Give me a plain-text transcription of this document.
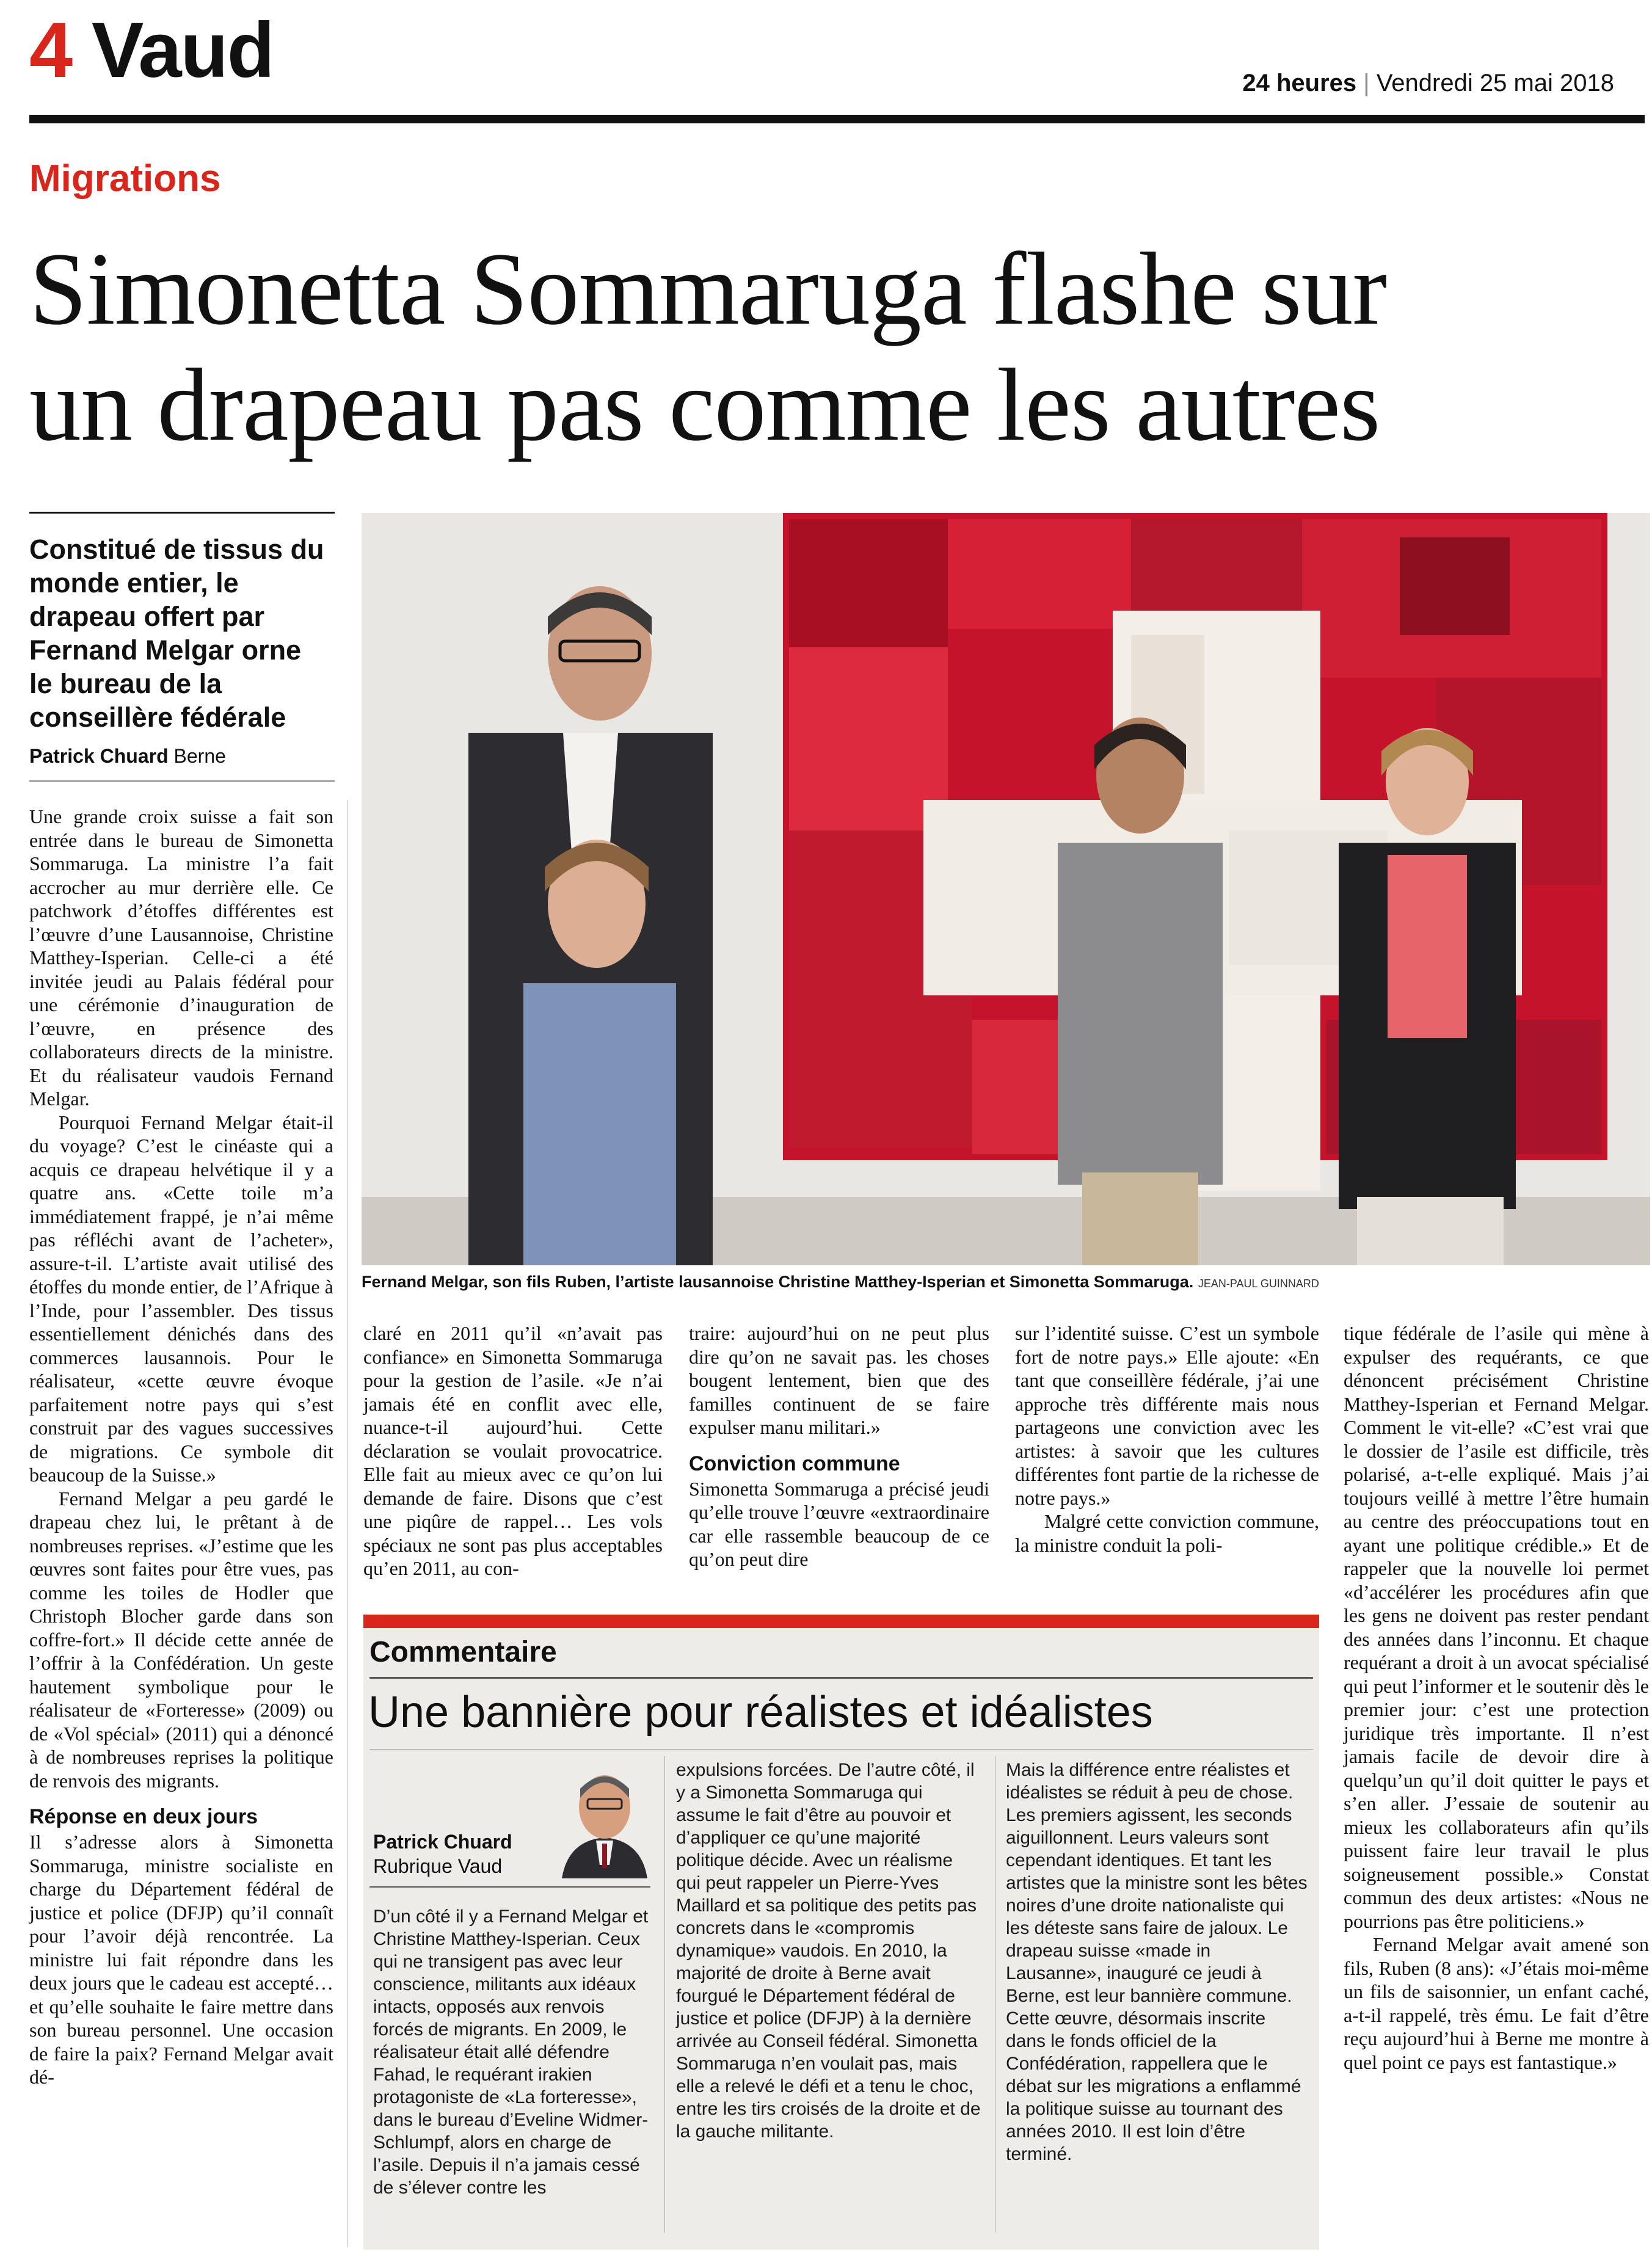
4 Vaud	24 heures | Vendredi 25 mai 2018
Migrations
Simonetta Sommaruga flashe sur
un drapeau pas comme les autres
Constitué de tissus du monde entier, le drapeau offert par Fernand Melgar orne le bureau de la conseillère fédérale
Patrick Chuard Berne
Fernand Melgar, son fils Ruben, l’artiste lausannoise Christine Matthey-Isperian et Simonetta Sommaruga. JEAN-PAUL GUINNARD

Une grande croix suisse a fait son entrée dans le bureau de Simonetta Sommaruga. La ministre l’a fait accrocher au mur derrière elle. Ce patchwork d’étoffes différentes est l’œuvre d’une Lausannoise, Christine Matthey-Isperian. Celle-ci a été invitée jeudi au Palais fédéral pour une cérémonie d’inauguration de l’œuvre, en présence des collaborateurs directs de la ministre. Et du réalisateur vaudois Fernand Melgar.

Pourquoi Fernand Melgar était-il du voyage? C’est le cinéaste qui a acquis ce drapeau helvétique il y a quatre ans. «Cette toile m’a immédiatement frappé, je n’ai même pas réfléchi avant de l’acheter», assure-t-il. L’artiste avait utilisé des étoffes du monde entier, de l’Afrique à l’Inde, pour l’assembler. Des tissus essentiellement dénichés dans des commerces lausannois. Pour le réalisateur, «cette œuvre évoque parfaitement notre pays qui s’est construit par des vagues successives de migrations. Ce symbole dit beaucoup de la Suisse.»

Fernand Melgar a peu gardé le drapeau chez lui, le prêtant à de nombreuses reprises. «J’estime que les œuvres sont faites pour être vues, pas comme les toiles de Hodler que Christoph Blocher garde dans son coffre-fort.» Il décide cette année de l’offrir à la Confédération. Un geste hautement symbolique pour le réalisateur de «Forteresse» (2009) ou de «Vol spécial» (2011) qui a dénoncé à de nombreuses reprises la politique de renvois des migrants.

Réponse en deux jours

Il s’adresse alors à Simonetta Sommaruga, ministre socialiste en charge du Département fédéral de justice et police (DFJP) qu’il connaît pour l’avoir déjà rencontrée. La ministre lui fait répondre dans les deux jours que le cadeau est accepté… et qu’elle souhaite le faire mettre dans son bureau personnel. Une occasion de faire la paix? Fernand Melgar avait dé-

claré en 2011 qu’il «n’avait pas confiance» en Simonetta Sommaruga pour la gestion de l’asile. «Je n’ai jamais été en conflit avec elle, nuance-t-il aujourd’hui. Cette déclaration se voulait provocatrice. Elle fait au mieux avec ce qu’on lui demande de faire. Disons que c’est une piqûre de rappel… Les vols spéciaux ne sont pas plus acceptables qu’en 2011, au con-

traire: aujourd’hui on ne peut plus dire qu’on ne savait pas. les choses bougent lentement, bien que des familles continuent de se faire expulser manu militari.»

Conviction commune

Simonetta Sommaruga a précisé jeudi qu’elle trouve l’œuvre «extraordinaire car elle rassemble beaucoup de ce qu’on peut dire

sur l’identité suisse. C’est un symbole fort de notre pays.» Elle ajoute: «En tant que conseillère fédérale, j’ai une approche très différente mais nous partageons une conviction avec les artistes: à savoir que les cultures différentes font partie de la richesse de notre pays.»

Malgré cette conviction commune, la ministre conduit la poli-

tique fédérale de l’asile qui mène à expulser des requérants, ce que dénoncent précisément Christine Matthey-Isperian et Fernand Melgar. Comment le vit-elle? «C’est vrai que le dossier de l’asile est difficile, très polarisé, a-t-elle expliqué. Mais j’ai toujours veillé à mettre l’être humain au centre des préoccupations tout en ayant une politique crédible.» Et de rappeler que la nouvelle loi permet «d’accélérer les procédures afin que les gens ne doivent pas rester pendant des années dans l’inconnu. Et chaque requérant a droit à un avocat spécialisé qui peut l’informer et le soutenir dès le premier jour: c’est une protection juridique très importante. Il n’est jamais facile de devoir dire à quelqu’un qu’il doit quitter le pays et s’en aller. J’essaie de soutenir au mieux les collaborateurs afin qu’ils puissent faire leur travail le plus soigneusement possible.» Constat commun des deux artistes: «Nous ne pourrions pas être politiciens.»

Fernand Melgar avait amené son fils, Ruben (8 ans): «J’étais moi-même un fils de saisonnier, un enfant caché, a-t-il rappelé, très ému. Le fait d’être reçu aujourd’hui à Berne me montre à quel point ce pays est fantastique.»

Commentaire
Une bannière pour réalistes et idéalistes
Patrick Chuard
Rubrique Vaud

D’un côté il y a Fernand Melgar et Christine Matthey-Isperian. Ceux qui ne transigent pas avec leur conscience, militants aux idéaux intacts, opposés aux renvois forcés de migrants. En 2009, le réalisateur était allé défendre Fahad, le requérant irakien protagoniste de «La forteresse», dans le bureau d’Eveline Widmer-Schlumpf, alors en charge de l’asile. Depuis il n’a jamais cessé de s’élever contre les

expulsions forcées. De l’autre côté, il y a Simonetta Sommaruga qui assume le fait d’être au pouvoir et d’appliquer ce qu’une majorité politique décide. Avec un réalisme qui peut rappeler un Pierre-Yves Maillard et sa politique des petits pas concrets dans le «compromis dynamique» vaudois. En 2010, la majorité de droite à Berne avait fourgué le Département fédéral de justice et police (DFJP) à la dernière arrivée au Conseil fédéral. Simonetta Sommaruga n’en voulait pas, mais elle a relevé le défi et a tenu le choc, entre les tirs croisés de la droite et de la gauche militante.

Mais la différence entre réalistes et idéalistes se réduit à peu de chose. Les premiers agissent, les seconds aiguillonnent. Leurs valeurs sont cependant identiques. Et tant les artistes que la ministre sont les bêtes noires d’une droite nationaliste qui les déteste sans faire de jaloux. Le drapeau suisse «made in Lausanne», inauguré ce jeudi à Berne, est leur bannière commune. Cette œuvre, désormais inscrite dans le fonds officiel de la Confédération, rappellera que le débat sur les migrations a enflammé la politique suisse au tournant des années 2010. Il est loin d’être terminé.
